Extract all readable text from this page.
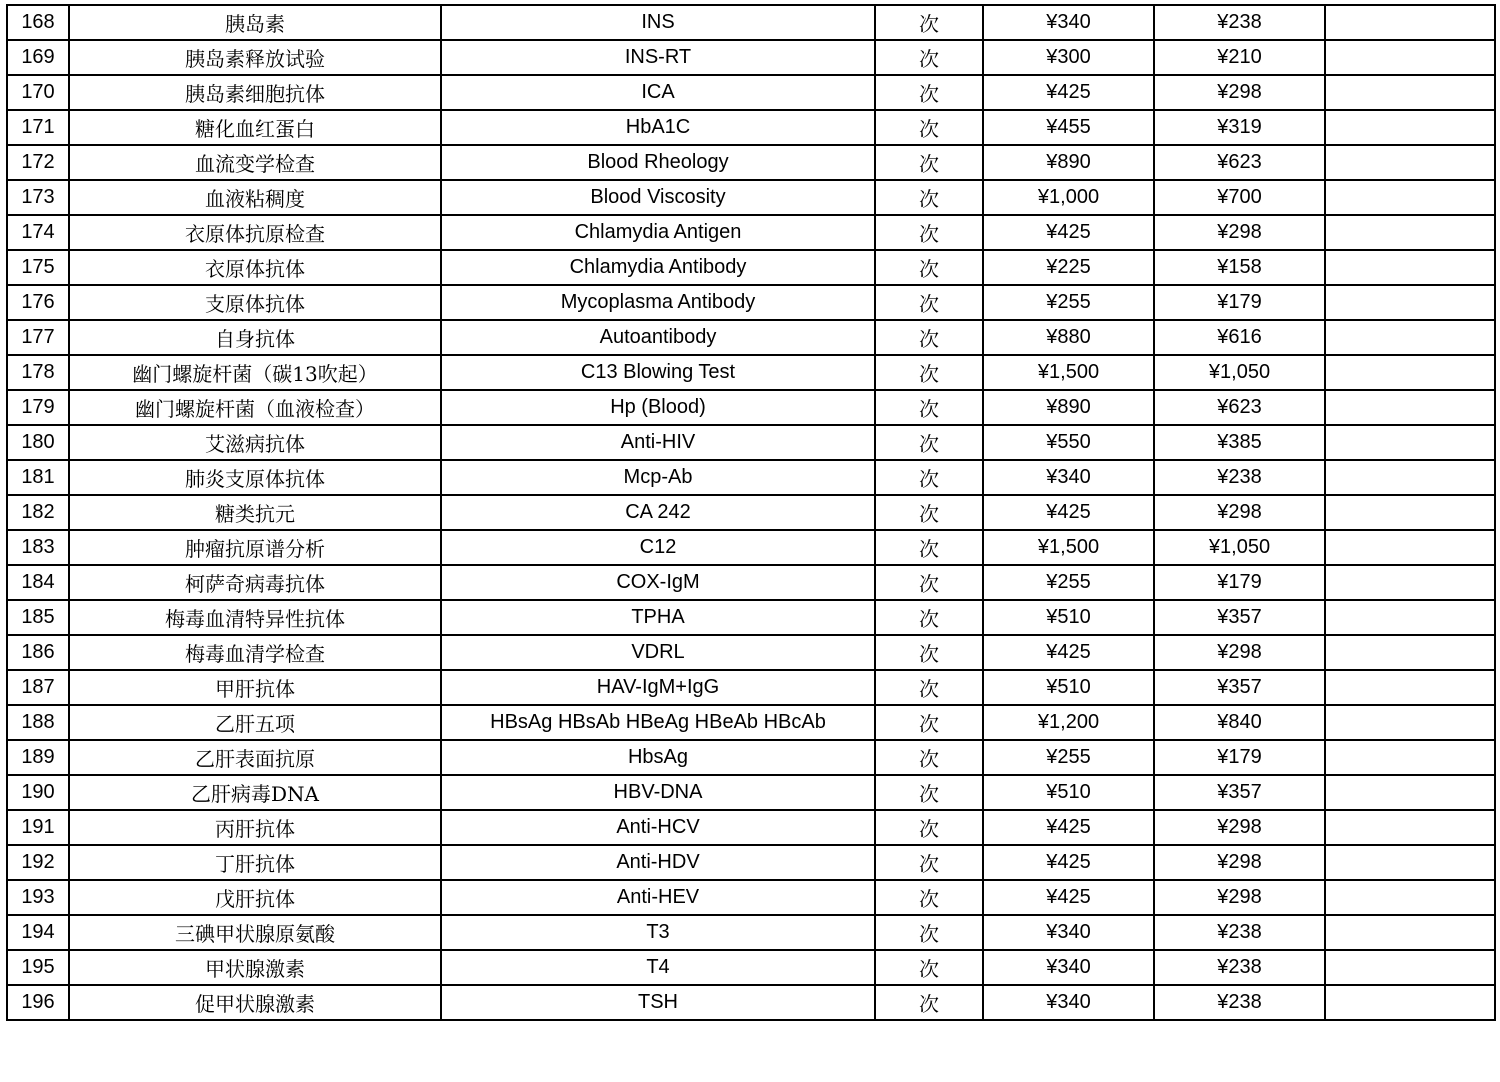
168	胰岛素	INS	次	¥340	¥238	
169	胰岛素释放试验	INS-RT	次	¥300	¥210	
170	胰岛素细胞抗体	ICA	次	¥425	¥298	
171	糖化血红蛋白	HbA1C	次	¥455	¥319	
172	血流变学检查	Blood Rheology	次	¥890	¥623	
173	血液粘稠度	Blood Viscosity	次	¥1,000	¥700	
174	衣原体抗原检查	Chlamydia Antigen	次	¥425	¥298	
175	衣原体抗体	Chlamydia Antibody	次	¥225	¥158	
176	支原体抗体	Mycoplasma Antibody	次	¥255	¥179	
177	自身抗体	Autoantibody	次	¥880	¥616	
178	幽门螺旋杆菌（碳13吹起）	C13 Blowing Test	次	¥1,500	¥1,050	
179	幽门螺旋杆菌（血液检查）	Hp (Blood)	次	¥890	¥623	
180	艾滋病抗体	Anti-HIV	次	¥550	¥385	
181	肺炎支原体抗体	Mcp-Ab	次	¥340	¥238	
182	糖类抗元	CA 242	次	¥425	¥298	
183	肿瘤抗原谱分析	C12	次	¥1,500	¥1,050	
184	柯萨奇病毒抗体	COX-IgM	次	¥255	¥179	
185	梅毒血清特异性抗体	TPHA	次	¥510	¥357	
186	梅毒血清学检查	VDRL	次	¥425	¥298	
187	甲肝抗体	HAV-IgM+IgG	次	¥510	¥357	
188	乙肝五项	HBsAg HBsAb HBeAg HBeAb HBcAb	次	¥1,200	¥840	
189	乙肝表面抗原	HbsAg	次	¥255	¥179	
190	乙肝病毒DNA	HBV-DNA	次	¥510	¥357	
191	丙肝抗体	Anti-HCV	次	¥425	¥298	
192	丁肝抗体	Anti-HDV	次	¥425	¥298	
193	戊肝抗体	Anti-HEV	次	¥425	¥298	
194	三碘甲状腺原氨酸	T3	次	¥340	¥238	
195	甲状腺激素	T4	次	¥340	¥238	
196	促甲状腺激素	TSH	次	¥340	¥238	
